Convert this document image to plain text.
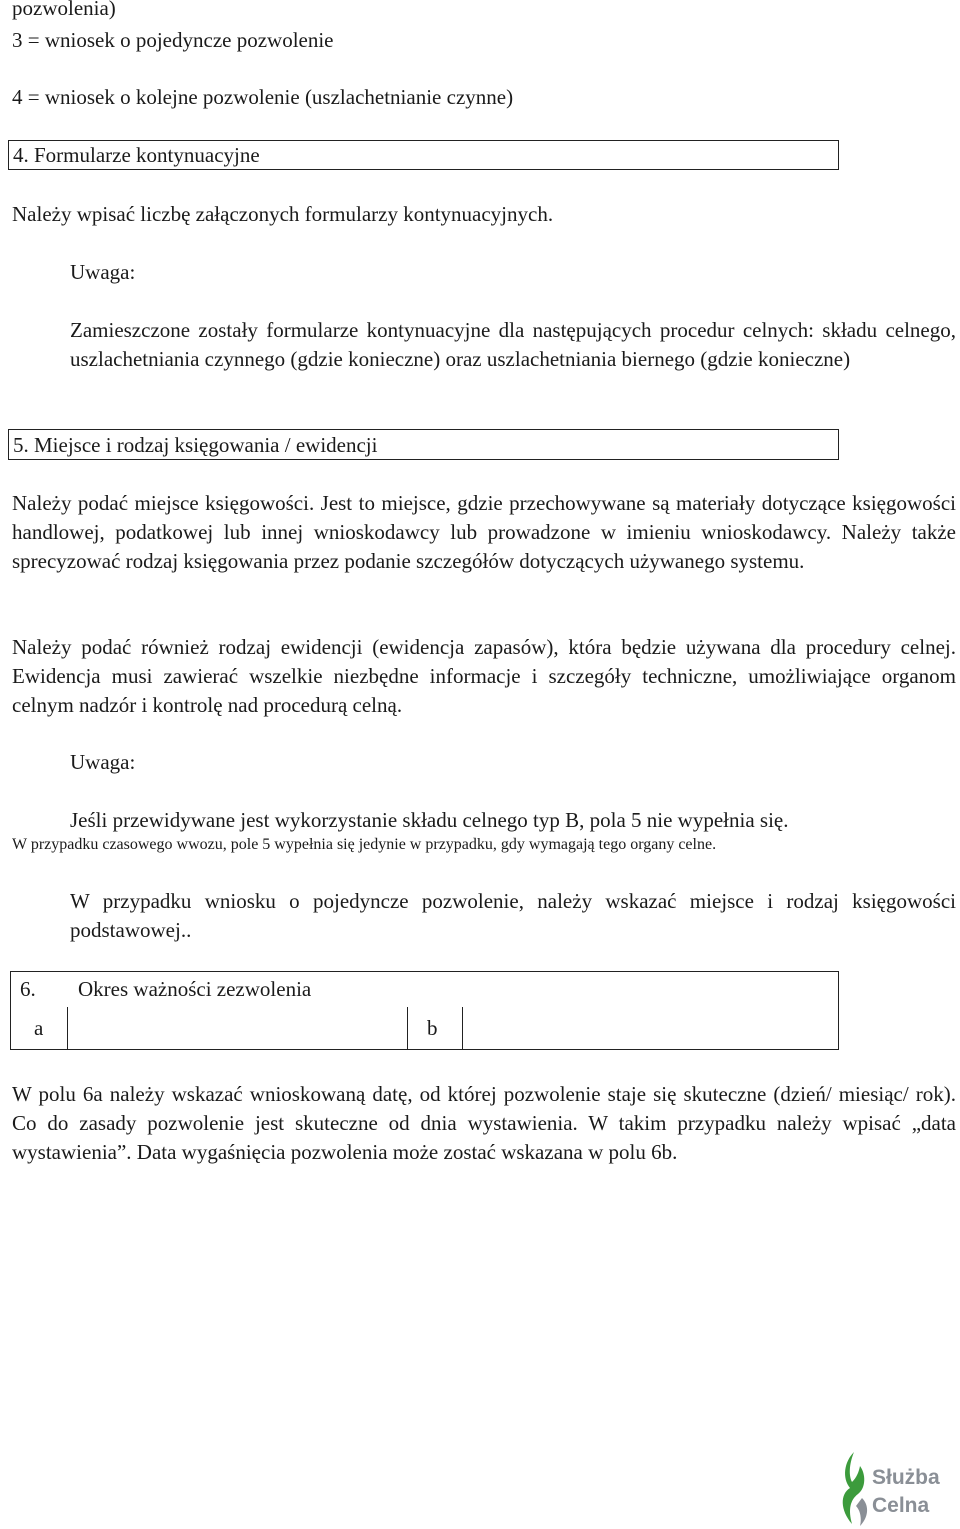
pozwolenia)

3 = wniosek o pojedyncze pozwolenie

4 = wniosek o kolejne pozwolenie (uszlachetnianie czynne)

4. Formularze kontynuacyjne

Należy wpisać liczbę załączonych formularzy kontynuacyjnych.

Uwaga:

Zamieszczone zostały formularze kontynuacyjne dla następujących procedur celnych: składu celnego, uszlachetniania czynnego (gdzie konieczne) oraz uszlachetniania biernego (gdzie konieczne)

5. Miejsce i rodzaj księgowania / ewidencji

Należy podać miejsce księgowości. Jest to miejsce, gdzie przechowywane są materiały dotyczące księgowości handlowej, podatkowej lub innej wnioskodawcy lub prowadzone w imieniu wnioskodawcy. Należy także sprecyzować rodzaj księgowania przez podanie szczegółów dotyczących używanego systemu.

Należy podać również rodzaj ewidencji (ewidencja zapasów), która będzie używana dla procedury celnej. Ewidencja musi zawierać wszelkie niezbędne informacje i szczegóły techniczne, umożliwiające organom celnym nadzór i kontrolę nad procedurą celną.

Uwaga:

Jeśli przewidywane jest wykorzystanie składu celnego typ B, pola 5 nie wypełnia się.

W przypadku czasowego wwozu, pole 5 wypełnia się jedynie w przypadku, gdy wymagają tego organy celne.

W przypadku wniosku o pojedyncze pozwolenie, należy wskazać miejsce i rodzaj księgowości podstawowej..

6. Okres ważności zezwolenia
a	b

W polu 6a należy wskazać wnioskowaną datę, od której pozwolenie staje się skuteczne (dzień/ miesiąc/ rok). Co do zasady pozwolenie jest skuteczne od dnia wystawienia. W takim przypadku należy wpisać „data wystawienia”. Data wygaśnięcia pozwolenia może zostać wskazana w polu 6b.

Służba
Celna
